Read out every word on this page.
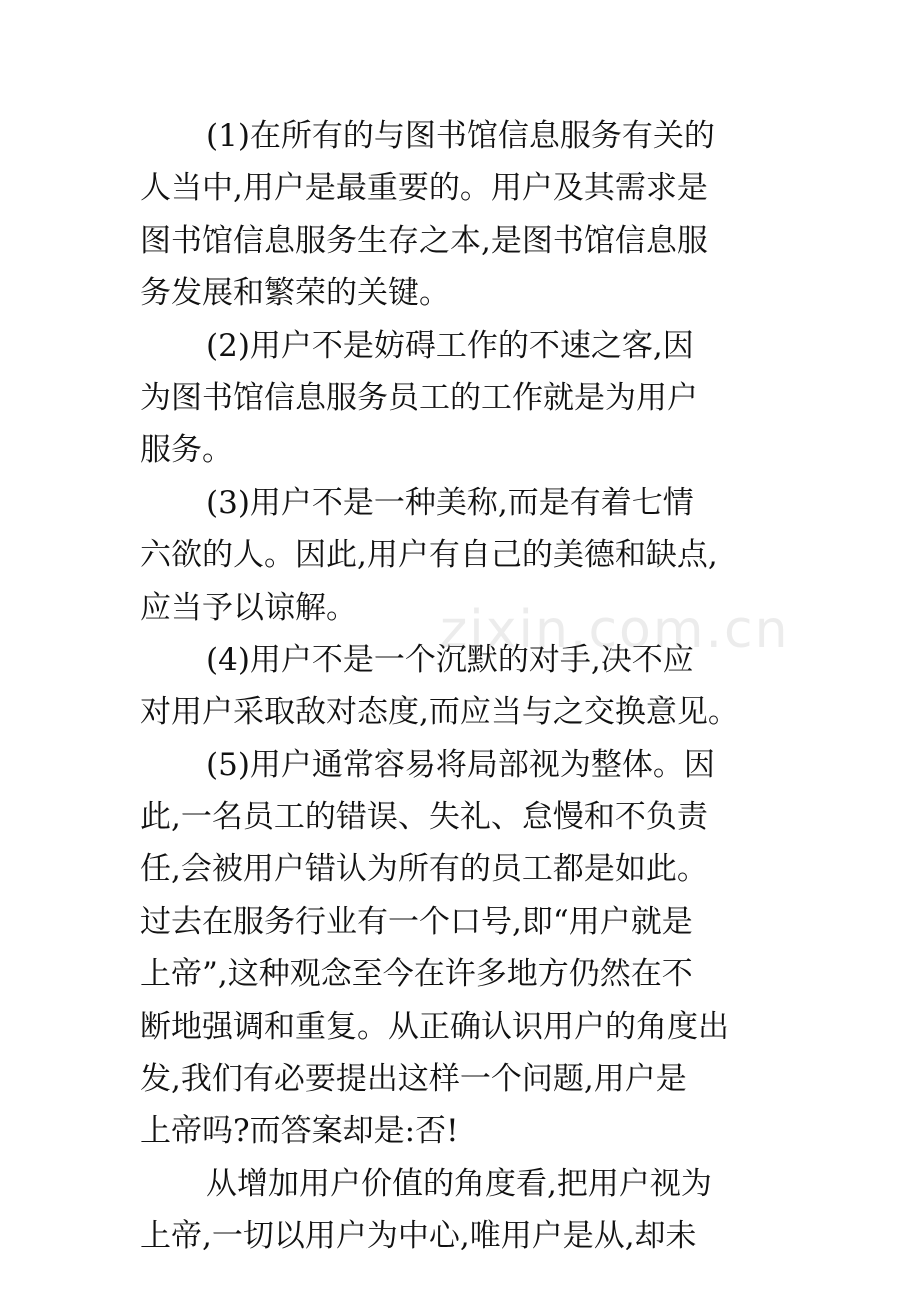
(1)在所有的与图书馆信息服务有关的
人当中,用户是最重要的。用户及其需求是
图书馆信息服务生存之本,是图书馆信息服
务发展和繁荣的关键。
(2)用户不是妨碍工作的不速之客,因
为图书馆信息服务员工的工作就是为用户
服务。
(3)用户不是一种美称,而是有着七情
六欲的人。因此,用户有自己的美德和缺点,
应当予以谅解。
(4)用户不是一个沉默的对手,决不应
对用户采取敌对态度,而应当与之交换意见。
(5)用户通常容易将局部视为整体。因
此,一名员工的错误、失礼、怠慢和不负责
任,会被用户错认为所有的员工都是如此。
过去在服务行业有一个口号,即“用户就是
上帝”,这种观念至今在许多地方仍然在不
断地强调和重复。从正确认识用户的角度出
发,我们有必要提出这样一个问题,用户是
上帝吗?而答案却是:否!
从增加用户价值的角度看,把用户视为
上帝,一切以用户为中心,唯用户是从,却未
zixin.com.cn
